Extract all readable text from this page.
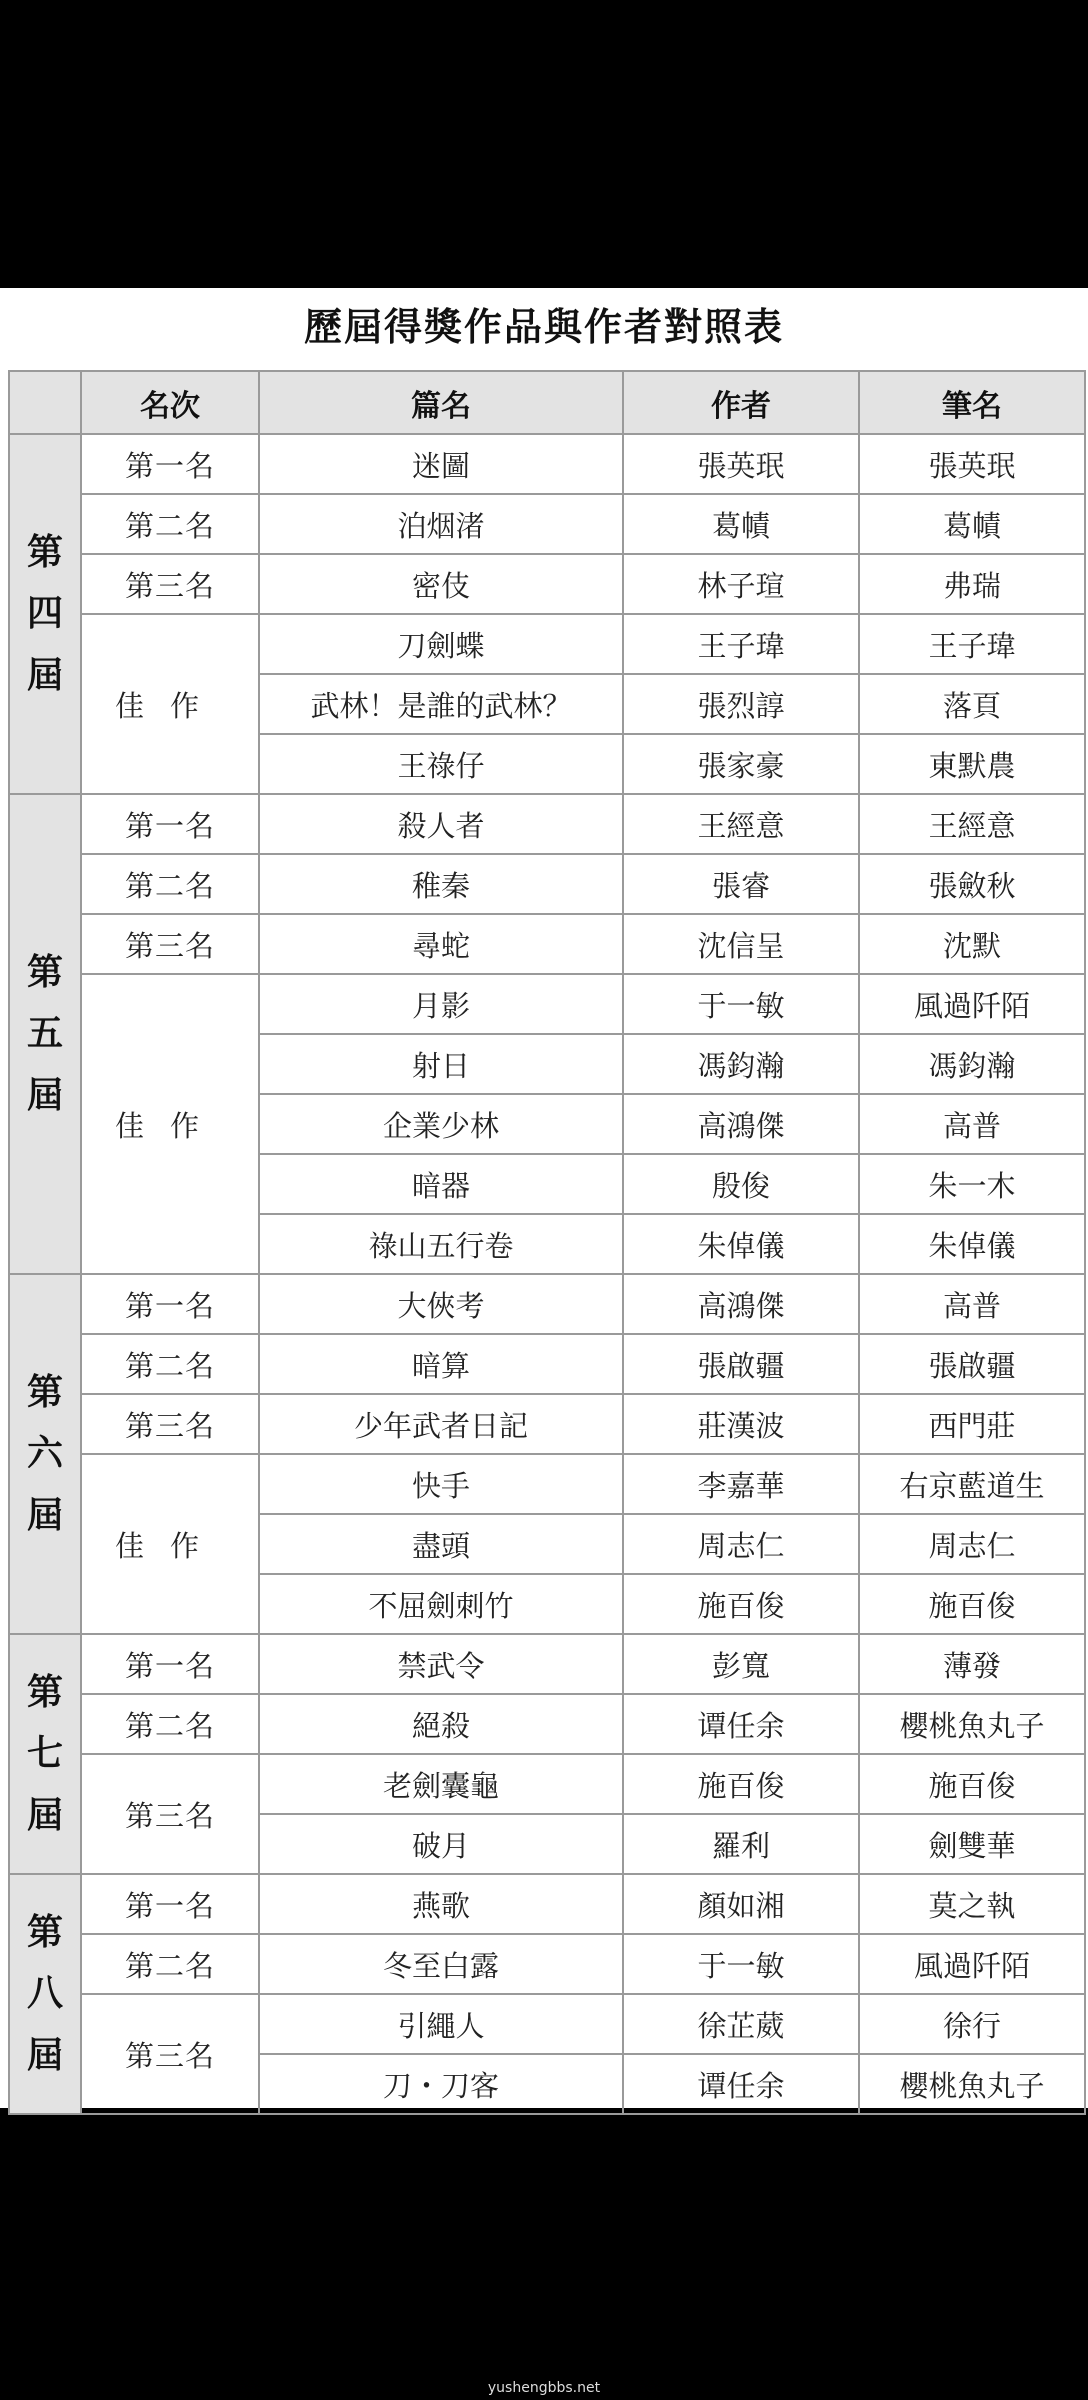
歷屆得獎作品與作者對照表
	名次	篇名	作者	筆名

第
四
屆	第一名	迷圖	張英珉	張英珉
	第二名	泊烟渚	葛幘	葛幘
	第三名	密伎	林子瑄	弗瑞
	佳作	刀劍蝶	王子瑋	王子瑋
		武林！是誰的武林？	張烈諄	落頁
		王祿仔	張家豪	東默農

第
五
屆	第一名	殺人者	王經意	王經意
	第二名	稚秦	張睿	張斂秋
	第三名	尋蛇	沈信呈	沈默
	佳作	月影	于一敏	風過阡陌
		射日	馮鈞瀚	馮鈞瀚
		企業少林	高鴻傑	高普
		暗器	殷俊	朱一木
		祿山五行卷	朱倬儀	朱倬儀

第
六
屆	第一名	大俠考	高鴻傑	高普
	第二名	暗算	張啟疆	張啟疆
	第三名	少年武者日記	莊漢波	西門莊
	佳作	快手	李嘉華	右京藍道生
		盡頭	周志仁	周志仁
		不屈劍刺竹	施百俊	施百俊

第
七
屆	第一名	禁武令	彭寬	薄發
	第二名	絕殺	谭任余	櫻桃魚丸子
	第三名	老劍囊龜	施百俊	施百俊
		破月	羅利	劍雙華

第
八
屆	第一名	燕歌	顏如湘	莫之執
	第二名	冬至白露	于一敏	風過阡陌
	第三名	引繩人	徐芷葳	徐行
		刀・刀客	谭任余	櫻桃魚丸子
yushengbbs.net
